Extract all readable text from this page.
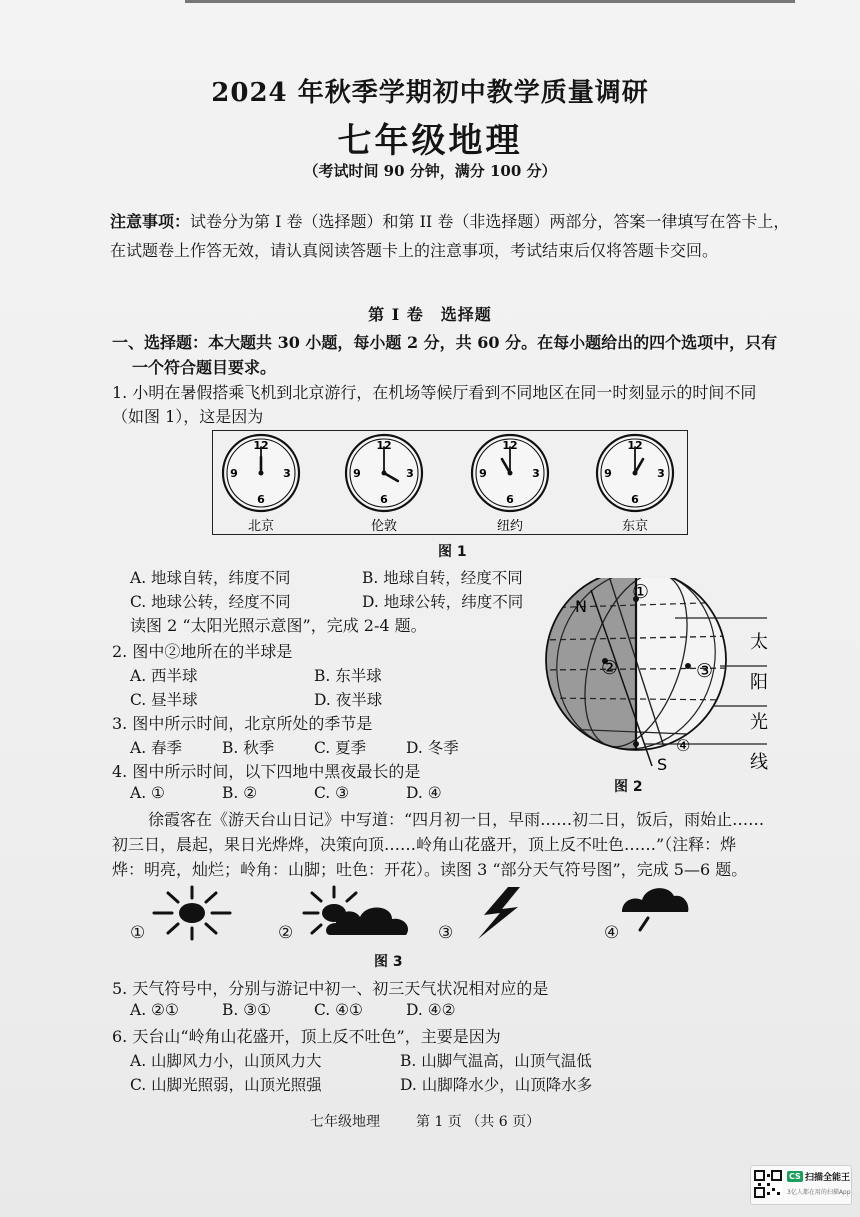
2024 年秋季学期初中教学质量调研
七年级地理
（考试时间 90 分钟，满分 100 分）
注意事项：试卷分为第 I 卷（选择题）和第 II 卷（非选择题）两部分，答案一律填写在答卡上，在试题卷上作答无效，请认真阅读答题卡上的注意事项，考试结束后仅将答题卡交回。
第 I 卷　选择题
一、选择题：本大题共 30 小题，每小题 2 分，共 60 分。在每小题给出的四个选项中，只有
一个符合题目要求。
1. 小明在暑假搭乘飞机到北京游行，在机场等候厅看到不同地区在同一时刻显示的时间不同
（如图 1），这是因为
12
3
6
9
北京
12
3
6
9
伦敦
12
3
6
9
纽约
12
3
6
9
东京
图 1
A. 地球自转，纬度不同	B. 地球自转，经度不同
C. 地球公转，经度不同	D. 地球公转，纬度不同
读图 2 “太阳光照示意图”，完成 2-4 题。
N
S
①
②	③
④
太
阳
光
线
图 2
2. 图中②地所在的半球是
A. 西半球	B. 东半球
C. 昼半球	D. 夜半球
3. 图中所示时间，北京所处的季节是
A. 春季	B. 秋季	C. 夏季	D. 冬季
4. 图中所示时间，以下四地中黑夜最长的是
A. ①	B. ②	C. ③	D. ④
徐霞客在《游天台山日记》中写道：“四月初一日，早雨……初二日，饭后，雨始止……
初三日，晨起，果日光烨烨，决策向顶……岭角山花盛开，顶上反不吐色……”（注释：烨
烨：明亮，灿烂；岭角：山脚；吐色：开花）。读图 3 “部分天气符号图”，完成 5—6 题。
①	②	③	④
图 3
5. 天气符号中，分别与游记中初一、初三天气状况相对应的是
A. ②①	B. ③①	C. ④①	D. ④②
6. 天台山“岭角山花盛开，顶上反不吐色”，主要是因为
A. 山脚风力小，山顶风力大	B. 山脚气温高，山顶气温低
C. 山脚光照弱，山顶光照强	D. 山脚降水少，山顶降水多
七年级地理	第 1 页 （共 6 页）
CS 扫描全能王
3亿人都在用的扫描App
